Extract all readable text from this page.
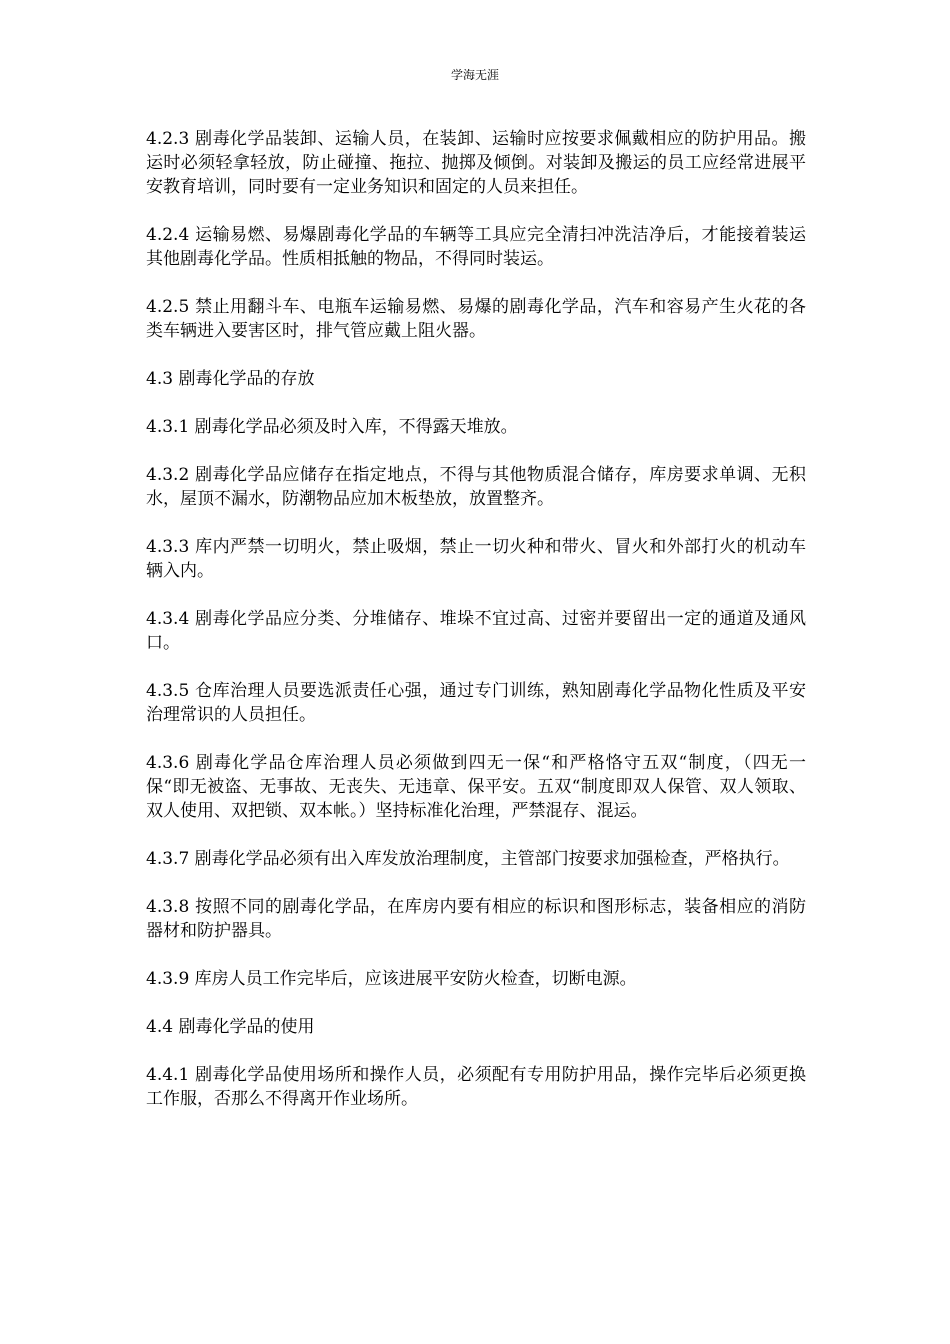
学海无涯

4.2.3 剧毒化学品装卸、运输人员，在装卸、运输时应按要求佩戴相应的防护用品。搬运时必须轻拿轻放，防止碰撞、拖拉、抛掷及倾倒。对装卸及搬运的员工应经常进展平安教育培训，同时要有一定业务知识和固定的人员来担任。

4.2.4 运输易燃、易爆剧毒化学品的车辆等工具应完全清扫冲洗洁净后，才能接着装运其他剧毒化学品。性质相抵触的物品，不得同时装运。

4.2.5 禁止用翻斗车、电瓶车运输易燃、易爆的剧毒化学品，汽车和容易产生火花的各类车辆进入要害区时，排气管应戴上阻火器。

4.3 剧毒化学品的存放

4.3.1 剧毒化学品必须及时入库，不得露天堆放。

4.3.2 剧毒化学品应储存在指定地点，不得与其他物质混合储存，库房要求单调、无积水，屋顶不漏水，防潮物品应加木板垫放，放置整齐。

4.3.3 库内严禁一切明火，禁止吸烟，禁止一切火种和带火、冒火和外部打火的机动车辆入内。

4.3.4 剧毒化学品应分类、分堆储存、堆垛不宜过高、过密并要留出一定的通道及通风口。

4.3.5 仓库治理人员要选派责任心强，通过专门训练，熟知剧毒化学品物化性质及平安治理常识的人员担任。

4.3.6 剧毒化学品仓库治理人员必须做到四无一保“和严格恪守五双“制度，（四无一保“即无被盗、无事故、无丧失、无违章、保平安。五双“制度即双人保管、双人领取、双人使用、双把锁、双本帐。）坚持标准化治理，严禁混存、混运。

4.3.7 剧毒化学品必须有出入库发放治理制度，主管部门按要求加强检查，严格执行。

4.3.8 按照不同的剧毒化学品，在库房内要有相应的标识和图形标志，装备相应的消防器材和防护器具。

4.3.9 库房人员工作完毕后，应该进展平安防火检查，切断电源。

4.4 剧毒化学品的使用

4.4.1 剧毒化学品使用场所和操作人员，必须配有专用防护用品，操作完毕后必须更换工作服，否那么不得离开作业场所。
